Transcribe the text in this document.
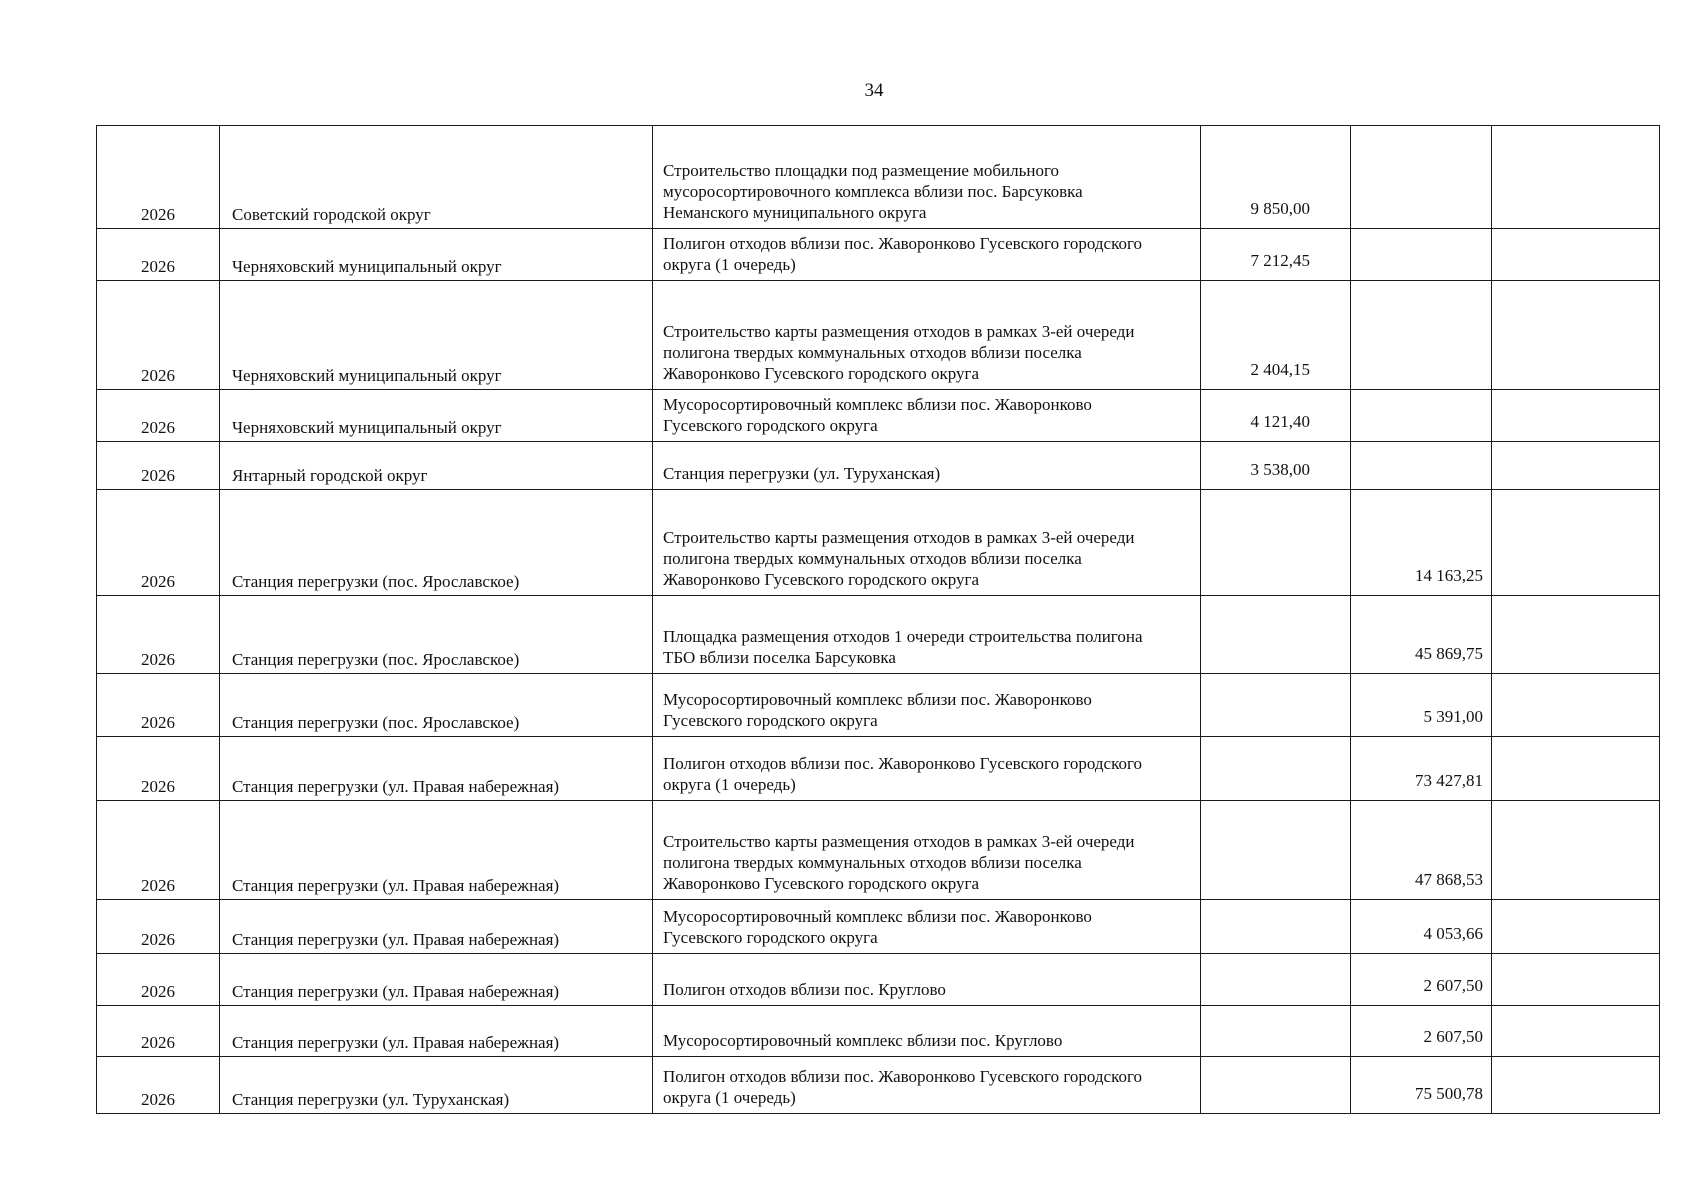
34
2026	Советский городской округ	Строительство площадки под размещение мобильного
мусоросортировочного комплекса вблизи пос. Барсуковка
Неманского муниципального округа	9 850,00		
2026	Черняховский муниципальный округ	Полигон отходов вблизи пос. Жаворонково Гусевского городского
округа (1 очередь)	7 212,45		
2026	Черняховский муниципальный округ	Строительство карты размещения отходов в рамках 3-ей очереди
полигона твердых коммунальных отходов вблизи поселка
Жаворонково Гусевского городского округа	2 404,15		
2026	Черняховский муниципальный округ	Мусоросортировочный комплекс вблизи пос. Жаворонково
Гусевского городского округа	4 121,40		
2026	Янтарный городской округ	Станция перегрузки (ул. Туруханская)	3 538,00		
2026	Станция перегрузки (пос. Ярославское)	Строительство карты размещения отходов в рамках 3-ей очереди
полигона твердых коммунальных отходов вблизи поселка
Жаворонково Гусевского городского округа		14 163,25	
2026	Станция перегрузки (пос. Ярославское)	Площадка размещения отходов 1 очереди строительства полигона
ТБО вблизи поселка Барсуковка		45 869,75	
2026	Станция перегрузки (пос. Ярославское)	Мусоросортировочный комплекс вблизи пос. Жаворонково
Гусевского городского округа		5 391,00	
2026	Станция перегрузки (ул. Правая набережная)	Полигон отходов вблизи пос. Жаворонково Гусевского городского
округа (1 очередь)		73 427,81	
2026	Станция перегрузки (ул. Правая набережная)	Строительство карты размещения отходов в рамках 3-ей очереди
полигона твердых коммунальных отходов вблизи поселка
Жаворонково Гусевского городского округа		47 868,53	
2026	Станция перегрузки (ул. Правая набережная)	Мусоросортировочный комплекс вблизи пос. Жаворонково
Гусевского городского округа		4 053,66	
2026	Станция перегрузки (ул. Правая набережная)	Полигон отходов вблизи пос. Круглово		2 607,50	
2026	Станция перегрузки (ул. Правая набережная)	Мусоросортировочный комплекс вблизи пос. Круглово		2 607,50	
2026	Станция перегрузки (ул. Туруханская)	Полигон отходов вблизи пос. Жаворонково Гусевского городского
округа (1 очередь)		75 500,78	
